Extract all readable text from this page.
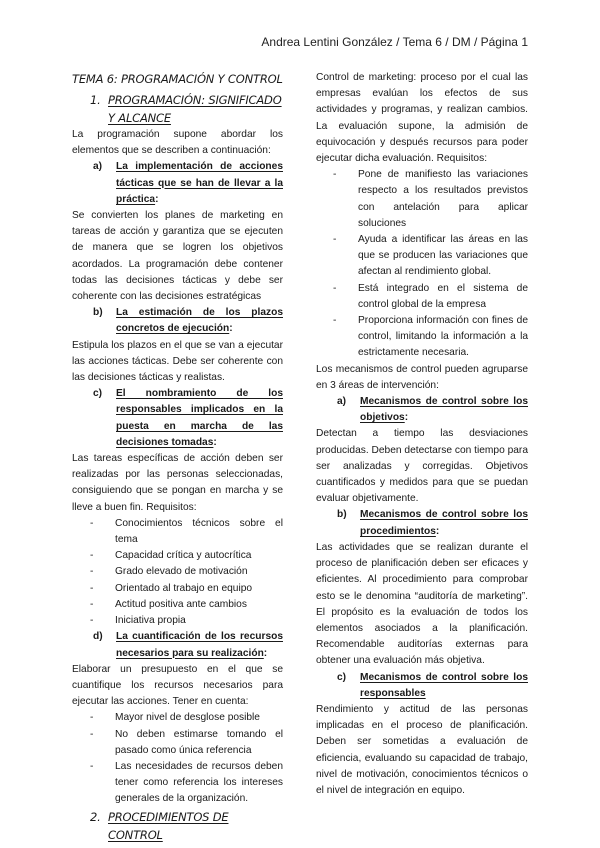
Andrea Lentini González / Tema 6 / DM / Página 1
TEMA 6: PROGRAMACIÓN Y CONTROL
1. PROGRAMACIÓN: SIGNIFICADO Y ALCANCE

La programación supone abordar los elementos que se describen a continuación:

a)	La implementación de acciones tácticas que se han de llevar a la práctica:

Se convierten los planes de marketing en tareas de acción y garantiza que se ejecuten de manera que se logren los objetivos acordados. La programación debe contener todas las decisiones tácticas y debe ser coherente con las decisiones estratégicas

b)	La estimación de los plazos concretos de ejecución:

Estipula los plazos en el que se van a ejecutar las acciones tácticas. Debe ser coherente con las decisiones tácticas y realistas.

c)	El nombramiento de los responsables implicados en la puesta en marcha de las decisiones tomadas:

Las tareas específicas de acción deben ser realizadas por las personas seleccionadas, consiguiendo que se pongan en marcha y se lleve a buen fin. Requisitos:

-	Conocimientos técnicos sobre el tema
-	Capacidad crítica y autocrítica
-	Grado elevado de motivación
-	Orientado al trabajo en equipo
-	Actitud positiva ante cambios
-	Iniciativa propia
d)	La cuantificación de los recursos necesarios para su realización:

Elaborar un presupuesto en el que se cuantifique los recursos necesarios para ejecutar las acciones. Tener en cuenta:

-	Mayor nivel de desglose posible
-	No deben estimarse tomando el pasado como única referencia
-	Las necesidades de recursos deben tener como referencia los intereses generales de la organización.
2. PROCEDIMIENTOS DE CONTROL

Control de marketing: proceso por el cual las empresas evalúan los efectos de sus actividades y programas, y realizan cambios. La evaluación supone, la admisión de equivocación y después recursos para poder ejecutar dicha evaluación. Requisitos:

-	Pone de manifiesto las variaciones respecto a los resultados previstos con antelación para aplicar soluciones
-	Ayuda a identificar las áreas en las que se producen las variaciones que afectan al rendimiento global.
-	Está integrado en el sistema de control global de la empresa
-	Proporciona información con fines de control, limitando la información a la estrictamente necesaria.

Los mecanismos de control pueden agruparse en 3 áreas de intervención:

a)	Mecanismos de control sobre los objetivos:

Detectan a tiempo las desviaciones producidas. Deben detectarse con tiempo para ser analizadas y corregidas. Objetivos cuantificados y medidos para que se puedan evaluar objetivamente.

b)	Mecanismos de control sobre los procedimientos:

Las actividades que se realizan durante el proceso de planificación deben ser eficaces y eficientes. Al procedimiento para comprobar esto se le denomina “auditoría de marketing”. El propósito es la evaluación de todos los elementos asociados a la planificación. Recomendable auditorías externas para obtener una evaluación más objetiva.

c)	Mecanismos de control sobre los responsables

Rendimiento y actitud de las personas implicadas en el proceso de planificación. Deben ser sometidas a evaluación de eficiencia, evaluando su capacidad de trabajo, nivel de motivación, conocimientos técnicos o el nivel de integración en equipo.
